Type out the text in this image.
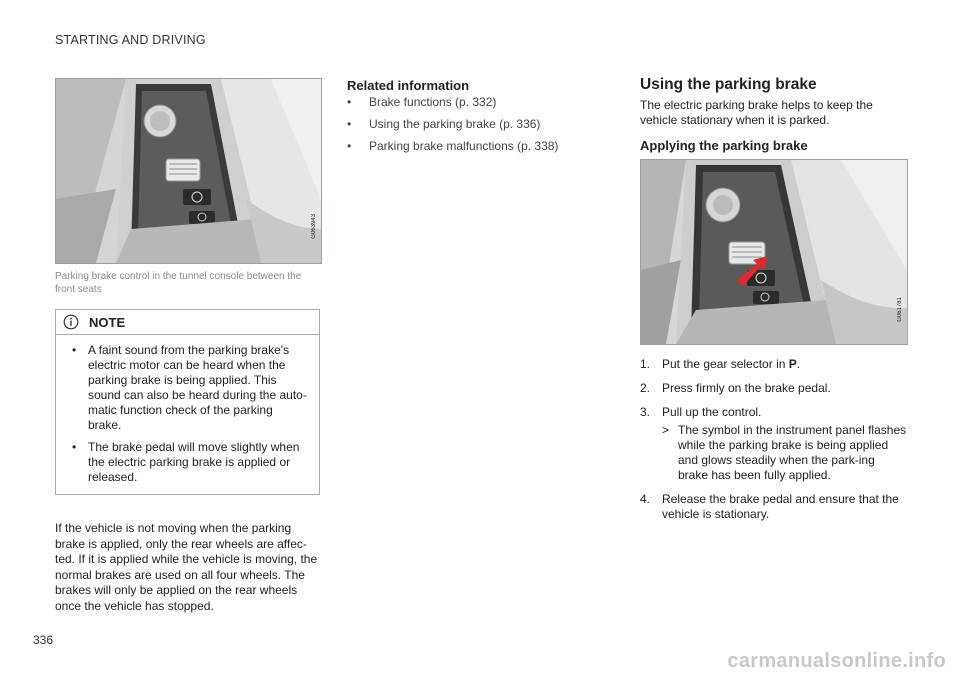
STARTING AND DRIVING
G063943
Parking brake control in the tunnel console between the front seats
NOTE
• A faint sound from the parking brake's electric motor can be heard when the parking brake is being applied. This sound can also be heard during the auto-matic function check of the parking brake.
• The brake pedal will move slightly when the electric parking brake is applied or released.
If the vehicle is not moving when the parking brake is applied, only the rear wheels are affec-ted. If it is applied while the vehicle is moving, the normal brakes are used on all four wheels. The brakes will only be applied on the rear wheels once the vehicle has stopped.
Related information
• Brake functions (p. 332)
• Using the parking brake (p. 336)
• Parking brake malfunctions (p. 338)
Using the parking brake
The electric parking brake helps to keep the vehicle stationary when it is parked.
Applying the parking brake
G061781
1. Put the gear selector in P.
2. Press firmly on the brake pedal.
3. Pull up the control.
> The symbol in the instrument panel flashes while the parking brake is being applied and glows steadily when the park-ing brake has been fully applied.
4. Release the brake pedal and ensure that the vehicle is stationary.
336
carmanualsonline.info
